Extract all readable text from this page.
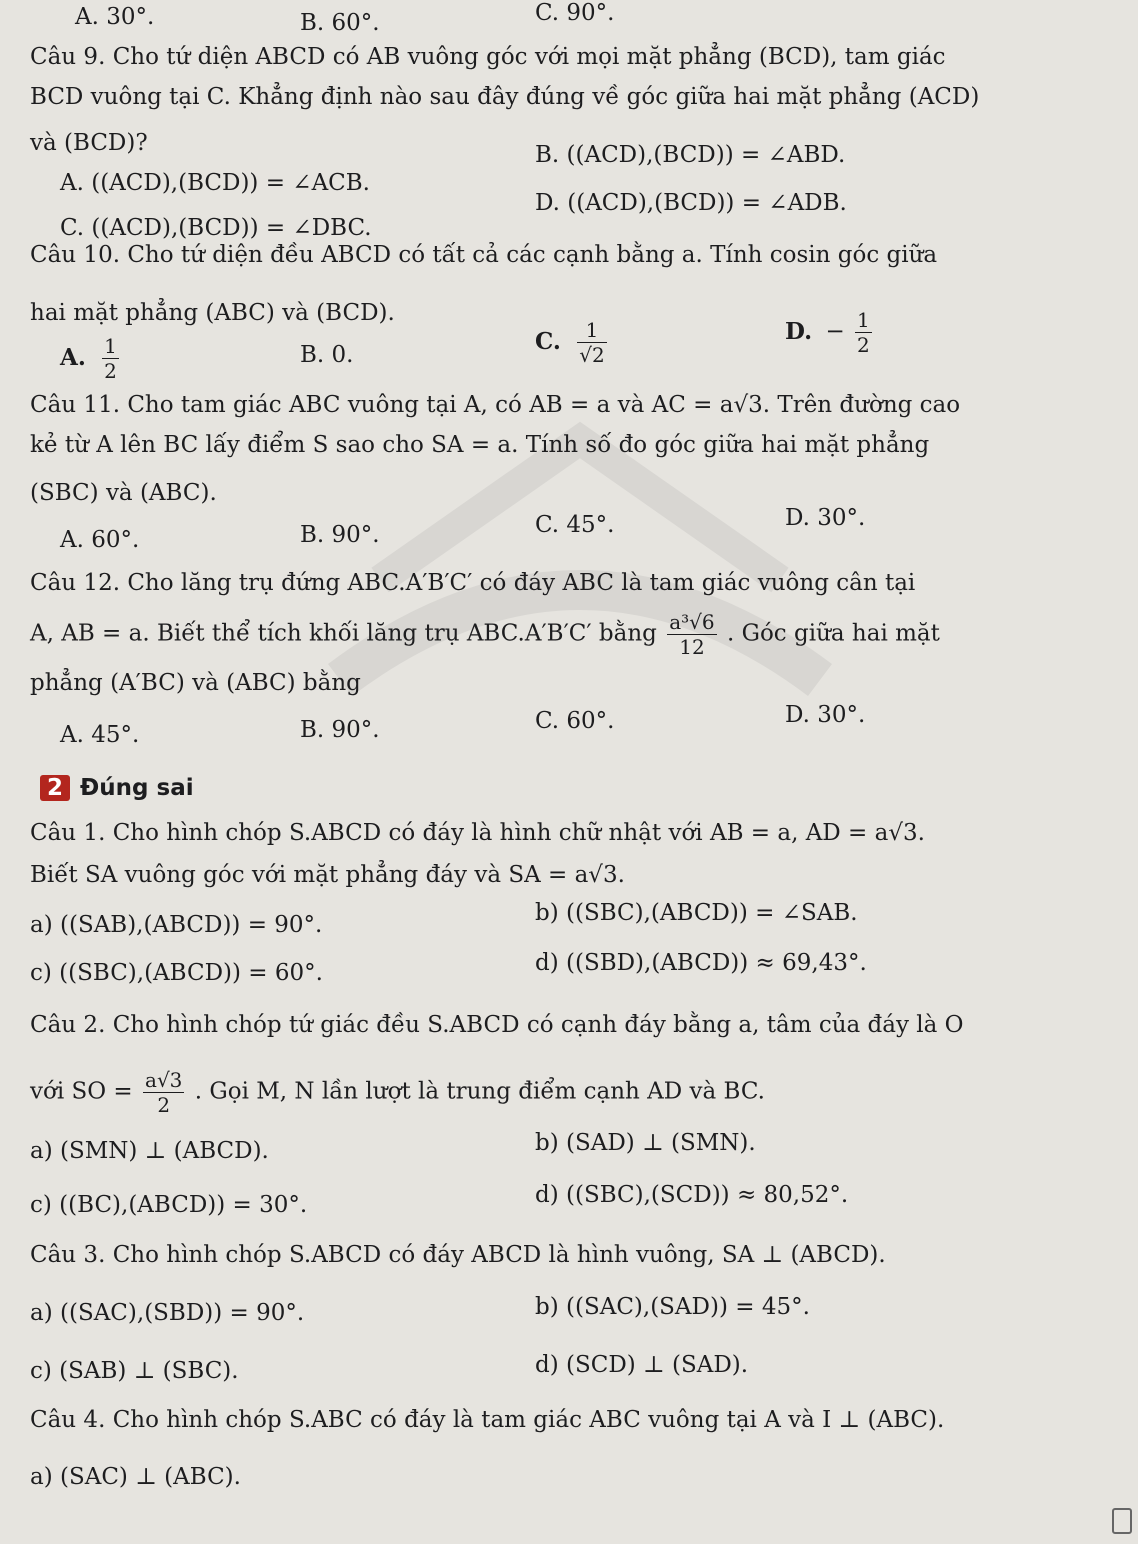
A. 30°.	B. 60°.	C. 90°.
Câu 9. Cho tứ diện ABCD có AB vuông góc với mọi mặt phẳng (BCD), tam giác
BCD vuông tại C. Khẳng định nào sau đây đúng về góc giữa hai mặt phẳng (ACD)
và (BCD)?
A. ((ACD),(BCD)) = ∠ACB.
B. ((ACD),(BCD)) = ∠ABD.
C. ((ACD),(BCD)) = ∠DBC.
D. ((ACD),(BCD)) = ∠ADB.
Câu 10. Cho tứ diện đều ABCD có tất cả các cạnh bằng a. Tính cosin góc giữa
hai mặt phẳng (ABC) và (BCD).
A. $\frac{1}{2}$	B. 0.
C. $\frac{1}{√2}$	D. − $\frac{1}{2}$
Câu 11. Cho tam giác ABC vuông tại A, có AB = a và AC = a√3. Trên đường cao
kẻ từ A lên BC lấy điểm S sao cho SA = a. Tính số đo góc giữa hai mặt phẳng
(SBC) và (ABC).
A. 60°.	B. 90°.	C. 45°.	D. 30°.
Câu 12. Cho lăng trụ đứng ABC.A′B′C′ có đáy ABC là tam giác vuông cân tại
A, AB = a. Biết thể tích khối lăng trụ ABC.A′B′C′ bằng $\frac{\text{a³√6}}{12}$ . Góc giữa hai mặt
phẳng (A′BC) và (ABC) bằng
A. 45°.	B. 90°.	C. 60°.	D. 30°.
2 Đúng sai
Câu 1. Cho hình chóp S.ABCD có đáy là hình chữ nhật với AB = a, AD = a√3.
Biết SA vuông góc với mặt phẳng đáy và SA = a√3.
a) ((SAB),(ABCD)) = 90°.	b) ((SBC),(ABCD)) = ∠SAB.
c) ((SBC),(ABCD)) = 60°.	d) ((SBD),(ABCD)) ≈ 69,43°.
Câu 2. Cho hình chóp tứ giác đều S.ABCD có cạnh đáy bằng a, tâm của đáy là O
với SO = $\frac{a√3}{2}$ . Gọi M, N lần lượt là trung điểm cạnh AD và BC.
a) (SMN) ⊥ (ABCD).	b) (SAD) ⊥ (SMN).
c) ((BC),(ABCD)) = 30°.	d) ((SBC),(SCD)) ≈ 80,52°.
Câu 3. Cho hình chóp S.ABCD có đáy ABCD là hình vuông, SA ⊥ (ABCD).
a) ((SAC),(SBD)) = 90°.	b) ((SAC),(SAD)) = 45°.
c) (SAB) ⊥ (SBC).	d) (SCD) ⊥ (SAD).
Câu 4. Cho hình chóp S.ABC có đáy là tam giác ABC vuông tại A và I ⊥ (ABC).
a) (SAC) ⊥ (ABC).
